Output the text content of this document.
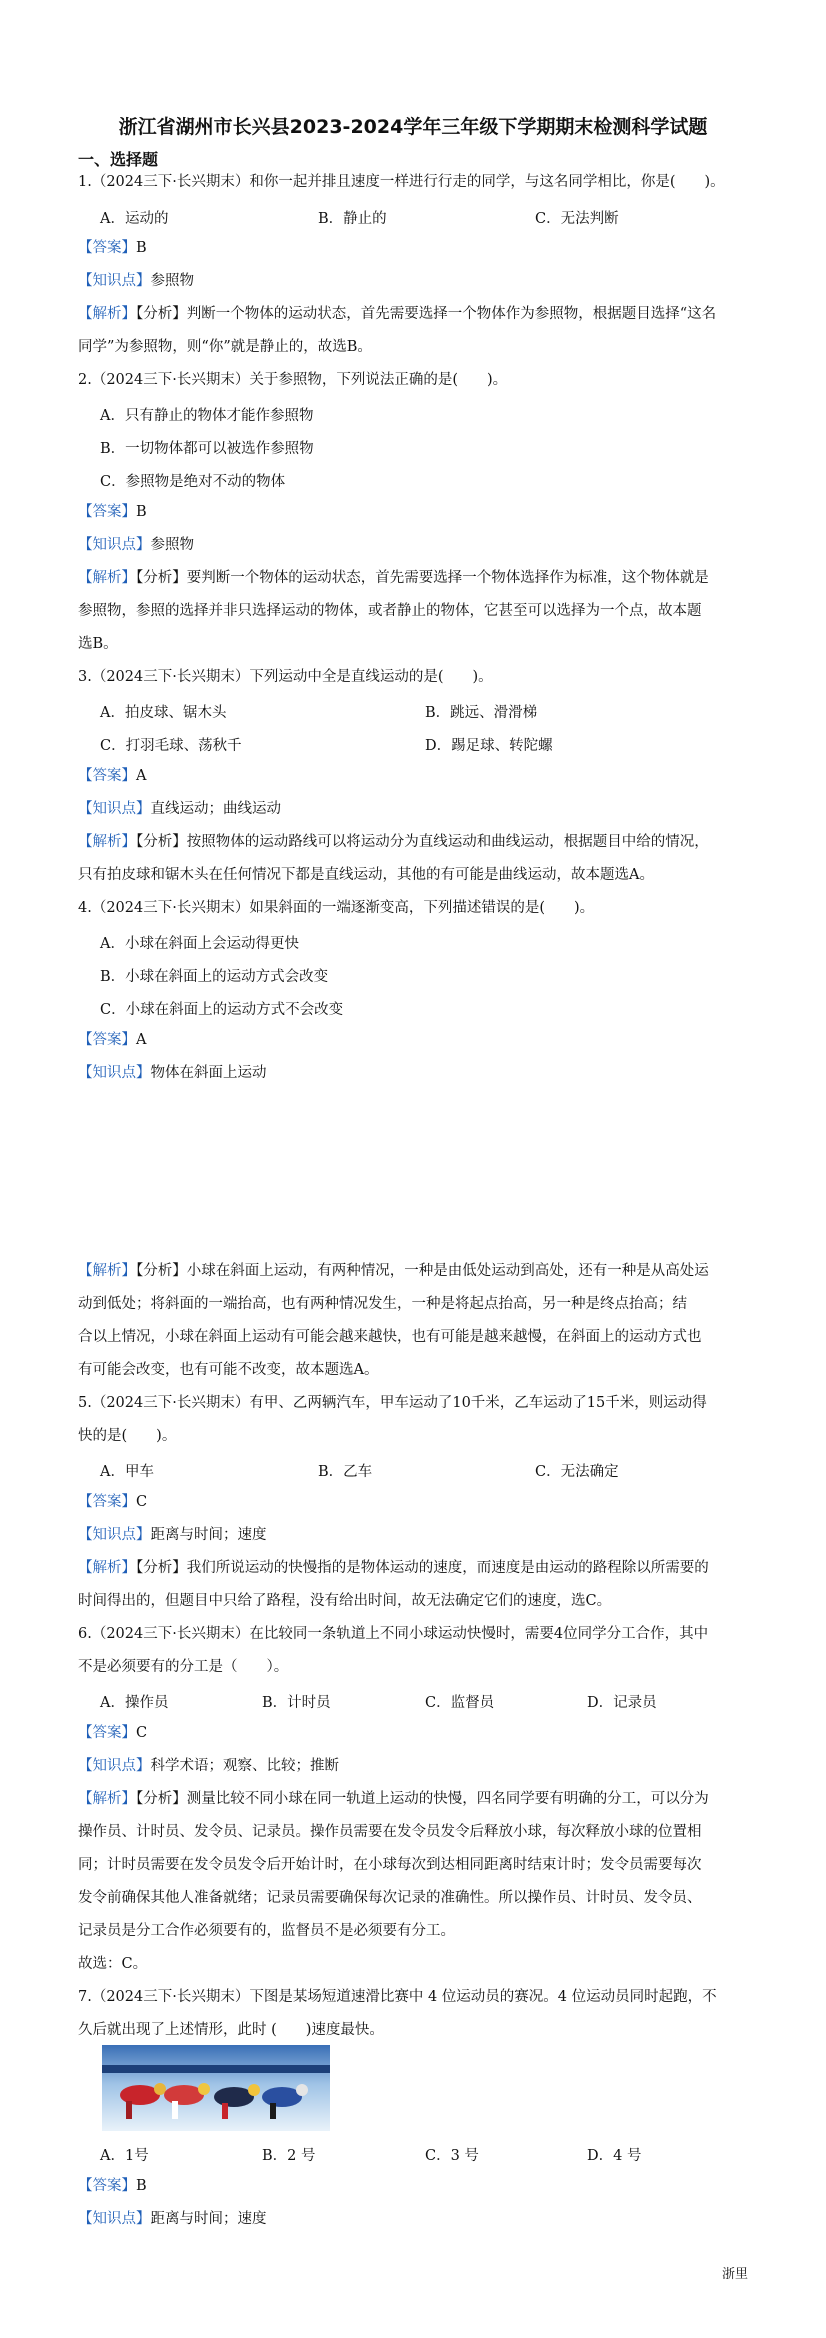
浙江省湖州市长兴县2023-2024学年三年级下学期期末检测科学试题
一、选择题
1.（2024三下·长兴期末）和你一起并排且速度一样进行行走的同学，与这名同学相比，你是(　　)。
A．运动的	B．静止的	C．无法判断
【答案】B
【知识点】参照物
【解析】【分析】判断一个物体的运动状态，首先需要选择一个物体作为参照物，根据题目选择“这名
同学”为参照物，则“你”就是静止的，故选B。
2.（2024三下·长兴期末）关于参照物，下列说法正确的是(　　)。
A．只有静止的物体才能作参照物
B．一切物体都可以被选作参照物
C．参照物是绝对不动的物体
【答案】B
【知识点】参照物
【解析】【分析】要判断一个物体的运动状态，首先需要选择一个物体选择作为标准，这个物体就是
参照物，参照的选择并非只选择运动的物体，或者静止的物体，它甚至可以选择为一个点，故本题
选B。
3.（2024三下·长兴期末）下列运动中全是直线运动的是(　　)。
A．拍皮球、锯木头	B．跳远、滑滑梯
C．打羽毛球、荡秋千	D．踢足球、转陀螺
【答案】A
【知识点】直线运动；曲线运动
【解析】【分析】按照物体的运动路线可以将运动分为直线运动和曲线运动，根据题目中给的情况，
只有拍皮球和锯木头在任何情况下都是直线运动，其他的有可能是曲线运动，故本题选A。
4.（2024三下·长兴期末）如果斜面的一端逐渐变高，下列描述错误的是(　　)。
A．小球在斜面上会运动得更快
B．小球在斜面上的运动方式会改变
C．小球在斜面上的运动方式不会改变
【答案】A
【知识点】物体在斜面上运动
【解析】【分析】小球在斜面上运动，有两种情况，一种是由低处运动到高处，还有一种是从高处运
动到低处；将斜面的一端抬高，也有两种情况发生，一种是将起点抬高，另一种是终点抬高；结
合以上情况，小球在斜面上运动有可能会越来越快，也有可能是越来越慢，在斜面上的运动方式也
有可能会改变，也有可能不改变，故本题选A。
5.（2024三下·长兴期末）有甲、乙两辆汽车，甲车运动了10千米，乙车运动了15千米，则运动得
快的是(　　)。
A．甲车	B．乙车	C．无法确定
【答案】C
【知识点】距离与时间；速度
【解析】【分析】我们所说运动的快慢指的是物体运动的速度，而速度是由运动的路程除以所需要的
时间得出的，但题目中只给了路程，没有给出时间，故无法确定它们的速度，选C。
6.（2024三下·长兴期末）在比较同一条轨道上不同小球运动快慢时，需要4位同学分工合作，其中
不是必须要有的分工是（　　）。
A．操作员	B．计时员	C．监督员	D．记录员
【答案】C
【知识点】科学术语；观察、比较；推断
【解析】【分析】测量比较不同小球在同一轨道上运动的快慢，四名同学要有明确的分工，可以分为
操作员、计时员、发令员、记录员。操作员需要在发令员发令后释放小球，每次释放小球的位置相
同；计时员需要在发令员发令后开始计时，在小球每次到达相同距离时结束计时；发令员需要每次
发令前确保其他人准备就绪；记录员需要确保每次记录的准确性。所以操作员、计时员、发令员、
记录员是分工合作必须要有的，监督员不是必须要有分工。
故选：C。
7.（2024三下·长兴期末）下图是某场短道速滑比赛中 4 位运动员的赛况。4 位运动员同时起跑，不
久后就出现了上述情形，此时 (　　)速度最快。
A．1号	B．2 号	C．3 号	D．4 号
【答案】B
【知识点】距离与时间；速度
浙里
